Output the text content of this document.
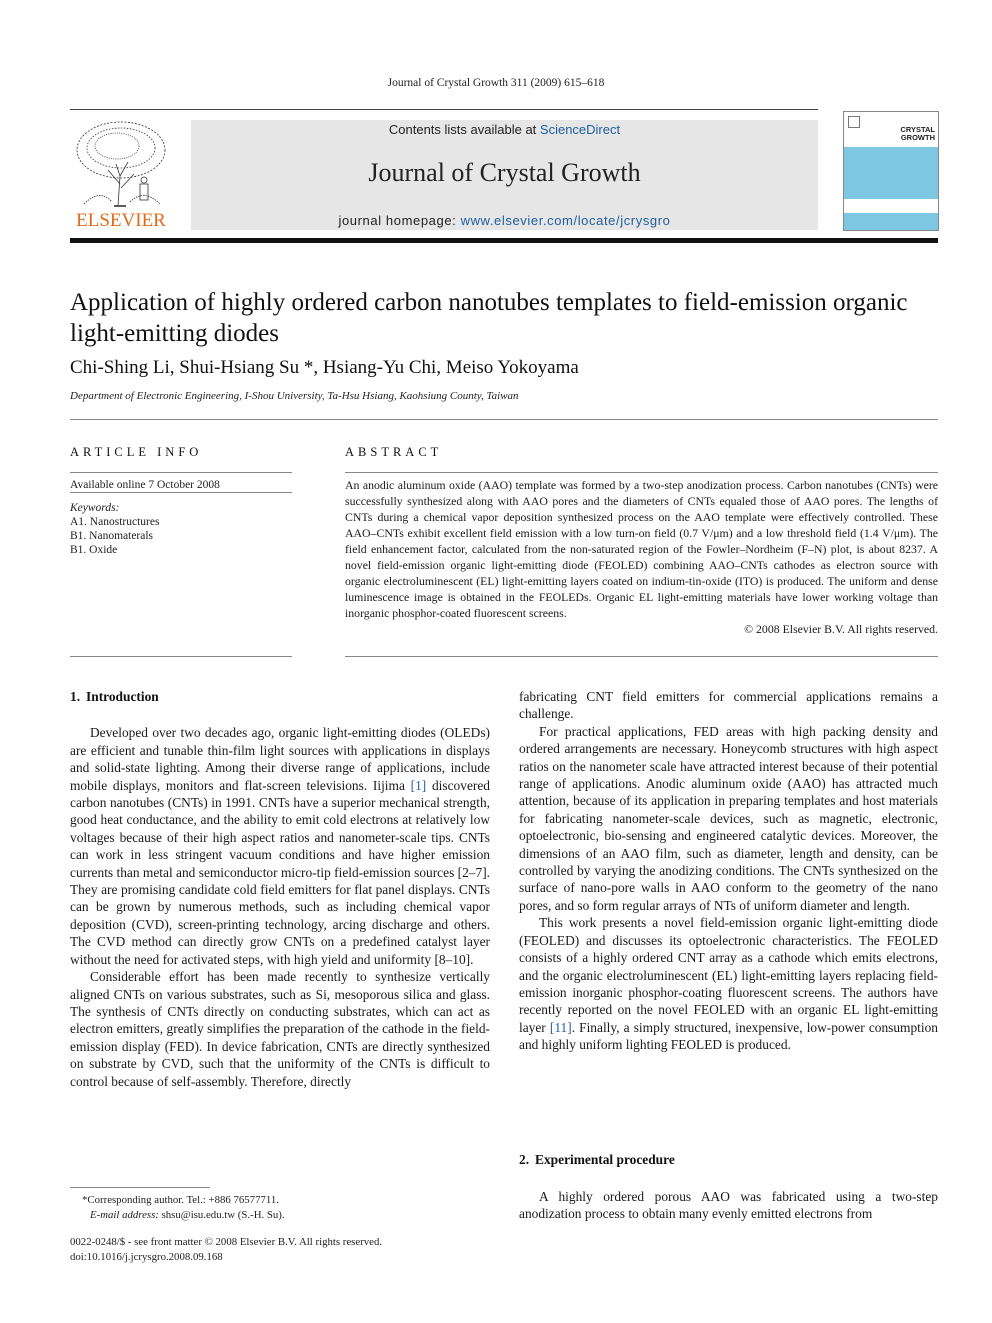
Journal of Crystal Growth 311 (2009) 615–618
ELSEVIER
Contents lists available at ScienceDirect
Journal of Crystal Growth
journal homepage: www.elsevier.com/locate/jcrysgro
CRYSTAL
GROWTH
Application of highly ordered carbon nanotubes templates to field-emission organic light-emitting diodes
Chi-Shing Li, Shui-Hsiang Su *, Hsiang-Yu Chi, Meiso Yokoyama
Department of Electronic Engineering, I-Shou University, Ta-Hsu Hsiang, Kaohsiung County, Taiwan
ARTICLE INFO
Available online 7 October 2008
Keywords:
A1. Nanostructures
B1. Nanomaterals
B1. Oxide
ABSTRACT
An anodic aluminum oxide (AAO) template was formed by a two-step anodization process. Carbon nanotubes (CNTs) were successfully synthesized along with AAO pores and the diameters of CNTs equaled those of AAO pores. The lengths of CNTs during a chemical vapor deposition synthesized process on the AAO template were effectively controlled. These AAO–CNTs exhibit excellent field emission with a low turn-on field (0.7 V/μm) and a low threshold field (1.4 V/μm). The field enhancement factor, calculated from the non-saturated region of the Fowler–Nordheim (F–N) plot, is about 8237. A novel field-emission organic light-emitting diode (FEOLED) combining AAO–CNTs cathodes as electron source with organic electroluminescent (EL) light-emitting layers coated on indium-tin-oxide (ITO) is produced. The uniform and dense luminescence image is obtained in the FEOLEDs. Organic EL light-emitting materials have lower working voltage than inorganic phosphor-coated fluorescent screens.
© 2008 Elsevier B.V. All rights reserved.
1. Introduction

Developed over two decades ago, organic light-emitting diodes (OLEDs) are efficient and tunable thin-film light sources with applications in displays and solid-state lighting. Among their diverse range of applications, include mobile displays, monitors and flat-screen televisions. Iijima [1] discovered carbon nanotubes (CNTs) in 1991. CNTs have a superior mechanical strength, good heat conductance, and the ability to emit cold electrons at relatively low voltages because of their high aspect ratios and nanometer-scale tips. CNTs can work in less stringent vacuum conditions and have higher emission currents than metal and semiconductor micro-tip field-emission sources [2–7]. They are promising candidate cold field emitters for flat panel displays. CNTs can be grown by numerous methods, such as including chemical vapor deposition (CVD), screen-printing technology, arcing discharge and others. The CVD method can directly grow CNTs on a predefined catalyst layer without the need for activated steps, with high yield and uniformity [8–10].

Considerable effort has been made recently to synthesize vertically aligned CNTs on various substrates, such as Si, mesoporous silica and glass. The synthesis of CNTs directly on conducting substrates, which can act as electron emitters, greatly simplifies the preparation of the cathode in the field-emission display (FED). In device fabrication, CNTs are directly synthesized on substrate by CVD, such that the uniformity of the CNTs is difficult to control because of self-assembly. Therefore, directly

fabricating CNT field emitters for commercial applications remains a challenge.

For practical applications, FED areas with high packing density and ordered arrangements are necessary. Honeycomb structures with high aspect ratios on the nanometer scale have attracted interest because of their potential range of applications. Anodic aluminum oxide (AAO) has attracted much attention, because of its application in preparing templates and host materials for fabricating nanometer-scale devices, such as magnetic, electronic, optoelectronic, bio-sensing and engineered catalytic devices. Moreover, the dimensions of an AAO film, such as diameter, length and density, can be controlled by varying the anodizing conditions. The CNTs synthesized on the surface of nano-pore walls in AAO conform to the geometry of the nano pores, and so form regular arrays of NTs of uniform diameter and length.

This work presents a novel field-emission organic light-emitting diode (FEOLED) and discusses its optoelectronic characteristics. The FEOLED consists of a highly ordered CNT array as a cathode which emits electrons, and the organic electroluminescent (EL) light-emitting layers replacing field-emission inorganic phosphor-coating fluorescent screens. The authors have recently reported on the novel FEOLED with an organic EL light-emitting layer [11]. Finally, a simply structured, inexpensive, low-power consumption and highly uniform lighting FEOLED is produced.

2. Experimental procedure

A highly ordered porous AAO was fabricated using a two-step anodization process to obtain many evenly emitted electrons from

*Corresponding author. Tel.: +886 76577711.
E-mail address: shsu@isu.edu.tw (S.-H. Su).
0022-0248/$ - see front matter © 2008 Elsevier B.V. All rights reserved.
doi:10.1016/j.jcrysgro.2008.09.168
